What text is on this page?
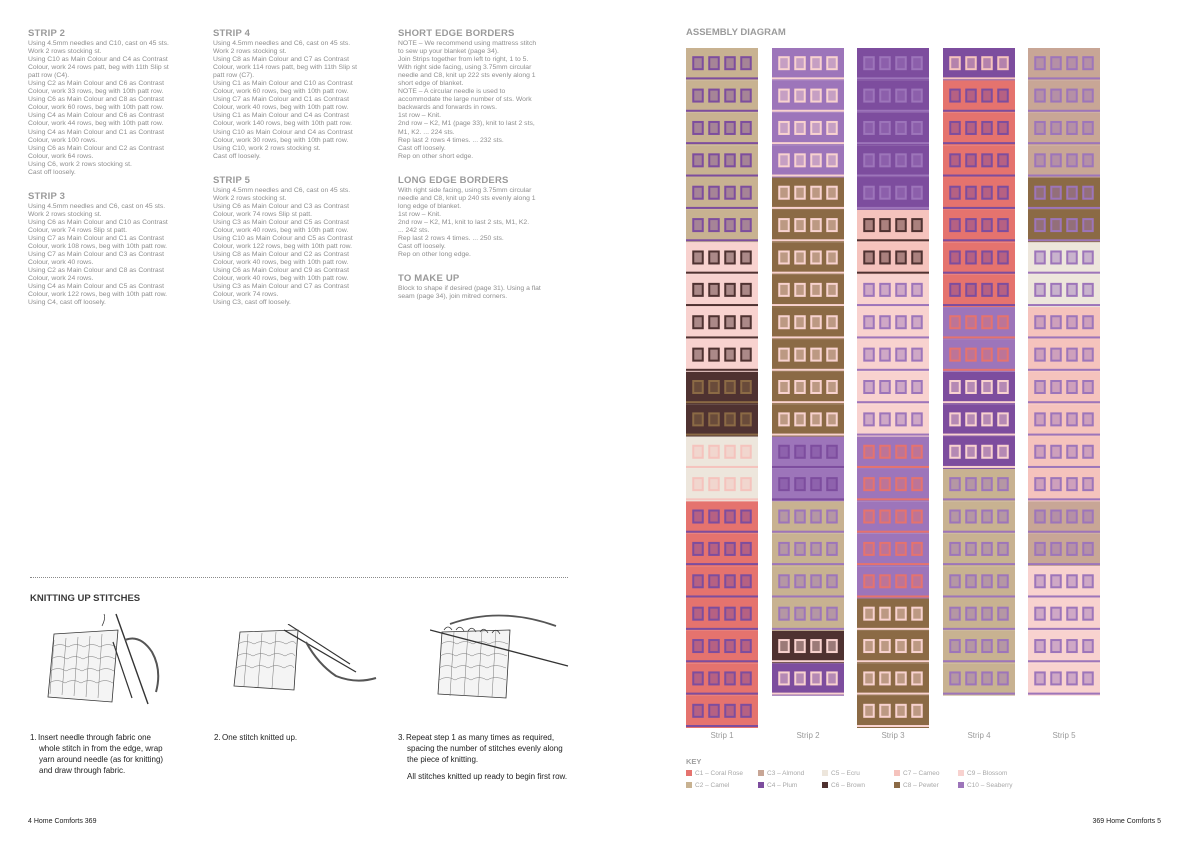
STRIP 2

Using 4.5mm needles and C10, cast on 45 sts.

Work 2 rows stocking st.

Using C10 as Main Colour and C4 as Contrast

Colour, work 24 rows patt, beg with 11th Slip st

patt row (C4).

Using C2 as Main Colour and C6 as Contrast

Colour, work 33 rows, beg with 10th patt row.

Using C6 as Main Colour and C8 as Contrast

Colour, work 60 rows, beg with 10th patt row.

Using C4 as Main Colour and C6 as Contrast

Colour, work 44 rows, beg with 10th patt row.

Using C4 as Main Colour and C1 as Contrast

Colour, work 100 rows.

Using C6 as Main Colour and C2 as Contrast

Colour, work 64 rows.

Using C6, work 2 rows stocking st.

Cast off loosely.

STRIP 3

Using 4.5mm needles and C6, cast on 45 sts.

Work 2 rows stocking st.

Using C6 as Main Colour and C10 as Contrast

Colour, work 74 rows Slip st patt.

Using C7 as Main Colour and C1 as Contrast

Colour, work 108 rows, beg with 10th patt row.

Using C7 as Main Colour and C3 as Contrast

Colour, work 40 rows.

Using C2 as Main Colour and C8 as Contrast

Colour, work 24 rows.

Using C4 as Main Colour and C5 as Contrast

Colour, work 122 rows, beg with 10th patt row.

Using C4, cast off loosely.

STRIP 4

Using 4.5mm needles and C6, cast on 45 sts.

Work 2 rows stocking st.

Using C8 as Main Colour and C7 as Contrast

Colour, work 114 rows patt, beg with 11th Slip st

patt row (C7).

Using C1 as Main Colour and C10 as Contrast

Colour, work 60 rows, beg with 10th patt row.

Using C7 as Main Colour and C1 as Contrast

Colour, work 40 rows, beg with 10th patt row.

Using C1 as Main Colour and C4 as Contrast

Colour, work 140 rows, beg with 10th patt row.

Using C10 as Main Colour and C4 as Contrast

Colour, work 30 rows, beg with 10th patt row.

Using C10, work 2 rows stocking st.

Cast off loosely.

STRIP 5

Using 4.5mm needles and C6, cast on 45 sts.

Work 2 rows stocking st.

Using C6 as Main Colour and C3 as Contrast

Colour, work 74 rows Slip st patt.

Using C3 as Main Colour and C5 as Contrast

Colour, work 40 rows, beg with 10th patt row.

Using C10 as Main Colour and C5 as Contrast

Colour, work 122 rows, beg with 10th patt row.

Using C8 as Main Colour and C2 as Contrast

Colour, work 40 rows, beg with 10th patt row.

Using C6 as Main Colour and C9 as Contrast

Colour, work 40 rows, beg with 10th patt row.

Using C3 as Main Colour and C7 as Contrast

Colour, work 74 rows.

Using C3, cast off loosely.

SHORT EDGE BORDERS

NOTE – We recommend using mattress stitch

to sew up your blanket (page 34).

Join Strips together from left to right, 1 to 5.

With right side facing, using 3.75mm circular

needle and C8, knit up 222 sts evenly along 1

short edge of blanket.

NOTE – A circular needle is used to

accommodate the large number of sts. Work

backwards and forwards in rows.

1st row – Knit.

2nd row – K2, M1 (page 33), knit to last 2 sts,

M1, K2. ... 224 sts.

Rep last 2 rows 4 times. ... 232 sts.

Cast off loosely.

Rep on other short edge.

LONG EDGE BORDERS

With right side facing, using 3.75mm circular

needle and C8, knit up 240 sts evenly along 1

long edge of blanket.

1st row – Knit.

2nd row – K2, M1, knit to last 2 sts, M1, K2.

... 242 sts.

Rep last 2 rows 4 times. ... 250 sts.

Cast off loosely.

Rep on other long edge.

TO MAKE UP

Block to shape if desired (page 31). Using a flat

seam (page 34), join mitred corners.

KNITTING UP STITCHES
1.Insert needle through fabric one
whole stitch in from the edge, wrap
yarn around needle (as for knitting)
and draw through fabric.
2.One stitch knitted up.	3.Repeat step 1 as many times as required,
spacing the number of stitches evenly along
the piece of knitting.
All stitches knitted up ready to begin first row.
4 Home Comforts 369
ASSEMBLY DIAGRAM
Strip 1	Strip 2	Strip 3	Strip 4	Strip 5
KEY
C1 – Coral Rose
C2 – Camel
C3 – Almond
C4 – Plum
C5 – Ecru
C6 – Brown
C7 – Cameo
C8 – Pewter
C9 – Blossom
C10 – Seaberry
369 Home Comforts 5
